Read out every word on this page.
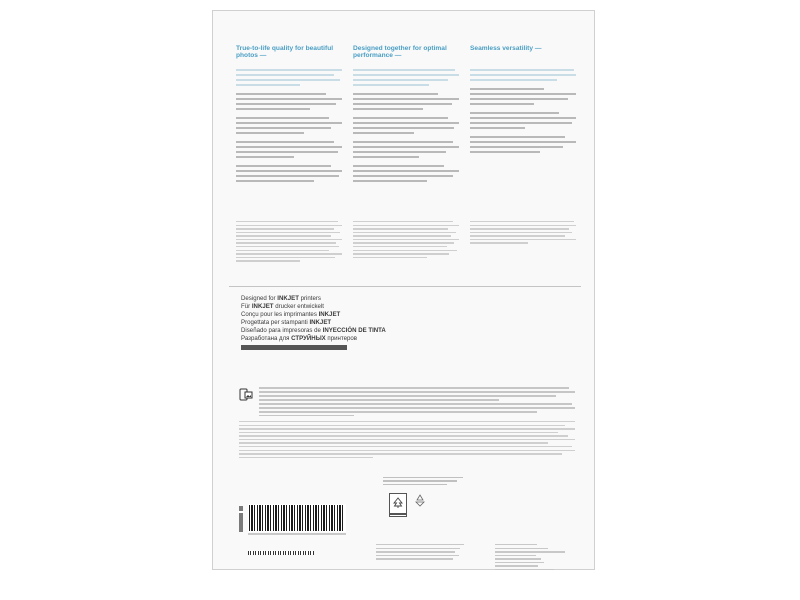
True-to-life quality for beautiful photos —
Designed together for optimal performance —
Seamless versatility —
Designed for INKJET printers
Für INKJET drucker entwickelt
Conçu pour les imprimantes INKJET
Progettata per stampanti INKJET
Diseñado para impresoras de INYECCIÓN DE TINTA
Разработана для СТРУЙНЫХ принтеров
